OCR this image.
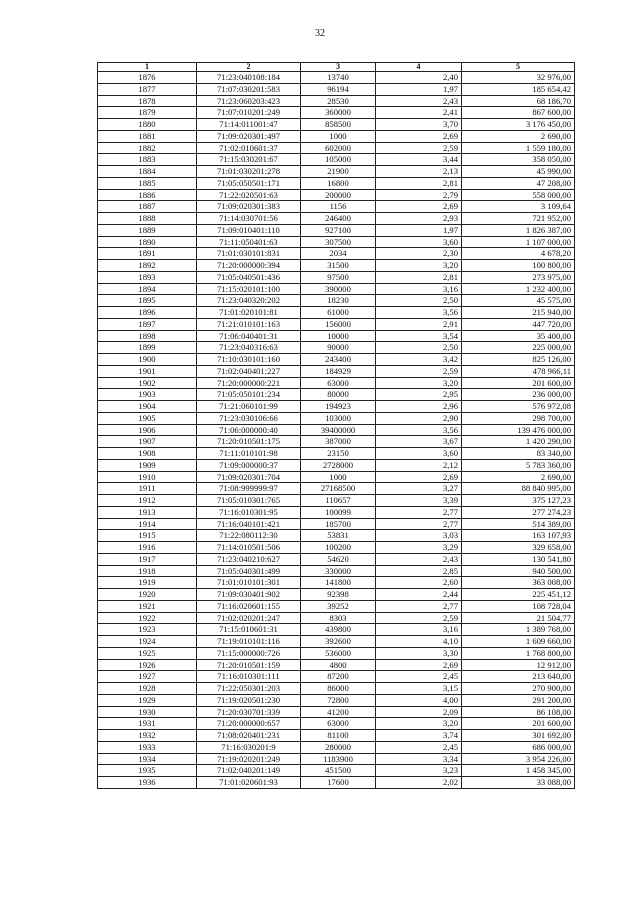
32
1	2	3	4	5
1876	71:23:040108:184	13740	2,40	32 976,00
1877	71:07:030201:583	96194	1,97	185 654,42
1878	71:23:060203:423	28530	2,43	68 186,70
1879	71:07:010201:249	360000	2,41	867 600,00
1880	71:14:011001:47	858500	3,70	3 176 450,00
1881	71:09:020301:497	1000	2,69	2 690,00
1882	71:02:010601:37	602000	2,59	1 559 180,00
1883	71:15:030201:67	105000	3,44	358 050,00
1884	71:01:030201:278	21900	2,13	45 990,00
1885	71:05:050501:171	16800	2,81	47 208,00
1886	71:22:020501:63	200000	2,79	558 000,00
1887	71:09:020301:383	1156	2,69	3 109,64
1888	71:14:030701:56	246400	2,93	721 952,00
1889	71:09:010401:110	927100	1,97	1 826 387,00
1890	71:11:050401:63	307500	3,60	1 107 000,00
1891	71:01:030101:831	2034	2,30	4 678,20
1892	71:20:000000:394	31500	3,20	100 800,00
1893	71:05:040501:436	97500	2,81	273 975,00
1894	71:15:020101:100	390000	3,16	1 232 400,00
1895	71:23:040320:202	18230	2,50	45 575,00
1896	71:01:020101:81	61000	3,56	215 940,00
1897	71:21:010101:163	156000	2,91	447 720,00
1898	71:06:040401:31	10000	3,54	35 400,00
1899	71:23:040316:63	90000	2,50	225 000,00
1900	71:10:030101:160	243400	3,42	825 126,00
1901	71:02:040401:227	184929	2,59	478 966,11
1902	71:20:000000:221	63000	3,20	201 600,00
1903	71:05:050101:234	80000	2,95	236 000,00
1904	71:21:060101:99	194923	2,96	576 972,08
1905	71:23:030106:66	103000	2,90	298 700,00
1906	71:06:000000:40	39400000	3,56	139 476 000,00
1907	71:20:010501:175	387000	3,67	1 420 290,00
1908	71:11:010101:98	23150	3,60	83 340,00
1909	71:09:000000:37	2728000	2,12	5 783 360,00
1910	71:09:020301:704	1000	2,69	2 690,00
1911	71:08:999999:97	27168500	3,27	88 840 995,00
1912	71:05:010301:765	110657	3,39	375 127,23
1913	71:16:010301:95	100099	2,77	277 274,23
1914	71:16:040101:421	185700	2,77	514 389,00
1915	71:22:080112:30	53831	3,03	163 107,93
1916	71:14:010501:506	100200	3,29	329 658,00
1917	71:23:040210:627	54620	2,43	130 541,80
1918	71:05:040301:499	330000	2,85	940 500,00
1919	71:01:010101:301	141800	2,60	363 008,00
1920	71:09:030401:902	92398	2,44	225 451,12
1921	71:16:020601:155	39252	2,77	108 728,04
1922	71:02:020201:247	8303	2,59	21 504,77
1923	71:15:010601:31	439800	3,16	1 389 768,00
1924	71:19:010101:116	392600	4,10	1 609 660,00
1925	71:15:000000:726	536000	3,30	1 768 800,00
1926	71:20:010501:159	4800	2,69	12 912,00
1927	71:16:010301:111	87200	2,45	213 640,00
1928	71:22:050301:203	86000	3,15	270 900,00
1929	71:19:020501:230	72800	4,00	291 200,00
1930	71:20:030701:339	41200	2,09	86 108,00
1931	71:20:000000:657	63000	3,20	201 600,00
1932	71:08:020401:231	81100	3,74	301 692,00
1933	71:16:030201:9	280000	2,45	686 000,00
1934	71:19:020201:249	1183900	3,34	3 954 226,00
1935	71:02:040201:149	451500	3,23	1 458 345,00
1936	71:01:020601:93	17600	2,02	33 088,00
